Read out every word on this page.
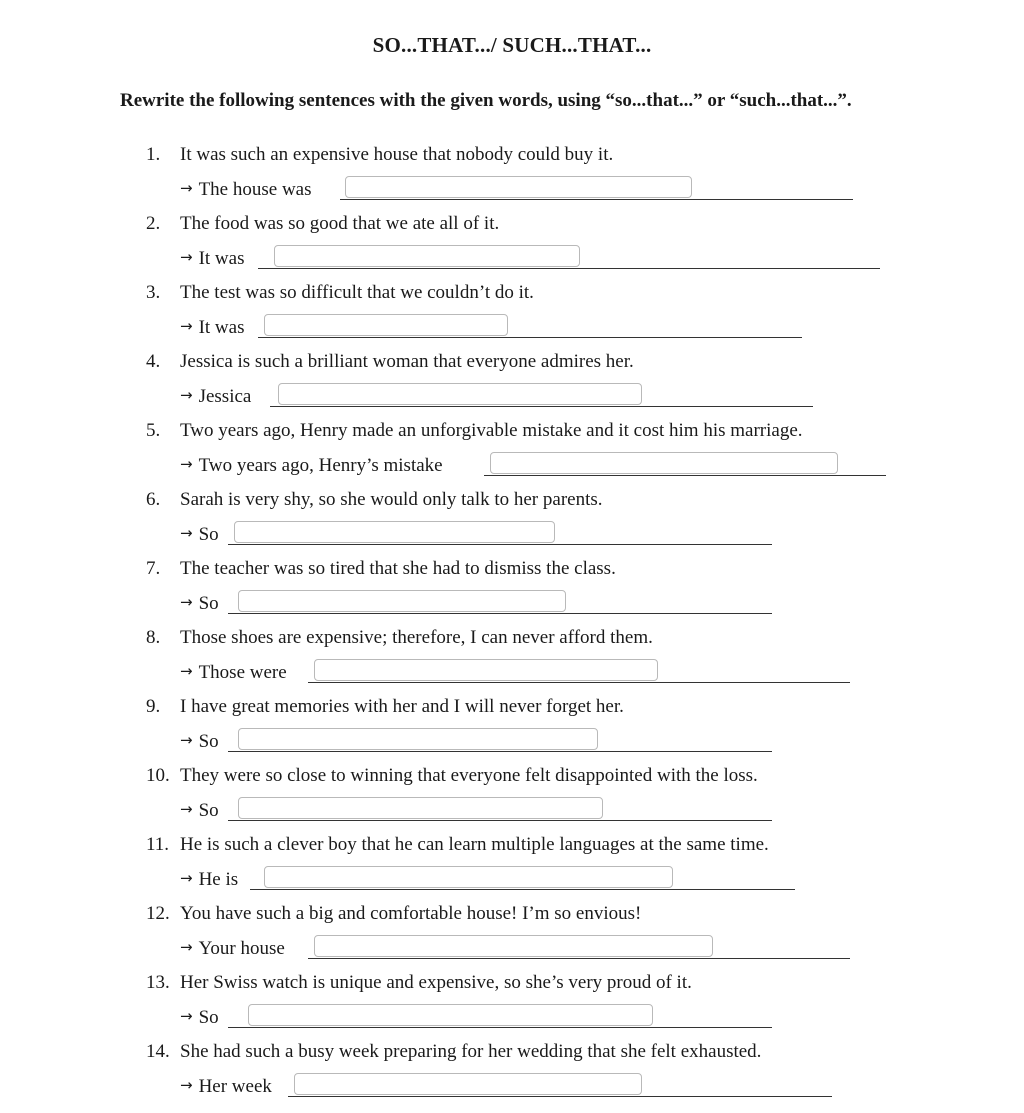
SO...THAT.../ SUCH...THAT...
Rewrite the following sentences with the given words, using “so...that...” or “such...that...”.
1. It was such an expensive house that nobody could buy it.
→ The house was
2. The food was so good that we ate all of it.
→ It was
3. The test was so difficult that we couldn’t do it.
→ It was
4. Jessica is such a brilliant woman that everyone admires her.
→ Jessica
5. Two years ago, Henry made an unforgivable mistake and it cost him his marriage.
→ Two years ago, Henry’s mistake
6. Sarah is very shy, so she would only talk to her parents.
→ So
7. The teacher was so tired that she had to dismiss the class.
→ So
8. Those shoes are expensive; therefore, I can never afford them.
→ Those were
9. I have great memories with her and I will never forget her.
→ So
10. They were so close to winning that everyone felt disappointed with the loss.
→ So
11. He is such a clever boy that he can learn multiple languages at the same time.
→ He is
12. You have such a big and comfortable house! I’m so envious!
→ Your house
13. Her Swiss watch is unique and expensive, so she’s very proud of it.
→ So
14. She had such a busy week preparing for her wedding that she felt exhausted.
→ Her week
